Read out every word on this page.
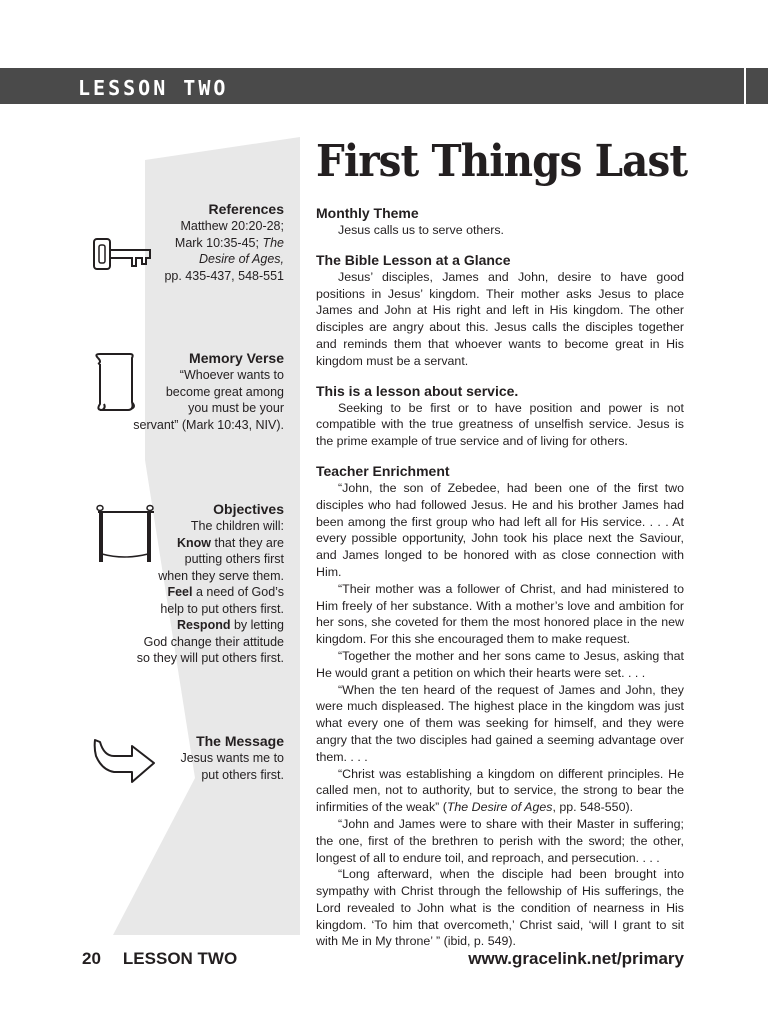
LESSON TWO
First Things Last
References
Matthew 20:20-28;
Mark 10:35-45; The
Desire of Ages,
pp. 435-437, 548-551
Memory Verse
“Whoever wants to
become great among
you must be your
servant” (Mark 10:43, NIV).
Objectives
The children will:
Know that they are
putting others first
when they serve them.
Feel a need of God’s
help to put others first.
Respond by letting
God change their attitude
so they will put others first.
The Message
Jesus wants me to
put others first.
Monthly Theme

Jesus calls us to serve others.

The Bible Lesson at a Glance

Jesus’ disciples, James and John, desire to have good positions in Jesus’ kingdom. Their mother asks Jesus to place James and John at His right and left in His kingdom. The other disciples are angry about this. Jesus calls the disciples together and reminds them that whoever wants to become great in His kingdom must be a servant.

This is a lesson about service.

Seeking to be first or to have position and power is not compatible with the true greatness of unselfish service. Jesus is the prime example of true service and of living for others.

Teacher Enrichment

“John, the son of Zebedee, had been one of the first two disciples who had followed Jesus. He and his brother James had been among the first group who had left all for His service. . . . At every possible opportunity, John took his place next the Saviour, and James longed to be honored with as close connection with Him.

“Their mother was a follower of Christ, and had ministered to Him freely of her substance. With a mother’s love and ambition for her sons, she coveted for them the most honored place in the new kingdom. For this she encouraged them to make request.

“Together the mother and her sons came to Jesus, asking that He would grant a petition on which their hearts were set. . . .

“When the ten heard of the request of James and John, they were much displeased. The highest place in the kingdom was just what every one of them was seeking for himself, and they were angry that the two disciples had gained a seeming advantage over them. . . .

“Christ was establishing a kingdom on different principles. He called men, not to authority, but to service, the strong to bear the infirmities of the weak” (The Desire of Ages, pp. 548-550).

“John and James were to share with their Master in suffering; the one, first of the brethren to perish with the sword; the other, longest of all to endure toil, and reproach, and persecution. . . .

“Long afterward, when the disciple had been brought into sympathy with Christ through the fellowship of His sufferings, the Lord revealed to John what is the condition of nearness in His kingdom. ‘To him that overcometh,’ Christ said, ‘will I grant to sit with Me in My throne’ ” (ibid, p. 549).

20 LESSON TWO	www.gracelink.net/primary
